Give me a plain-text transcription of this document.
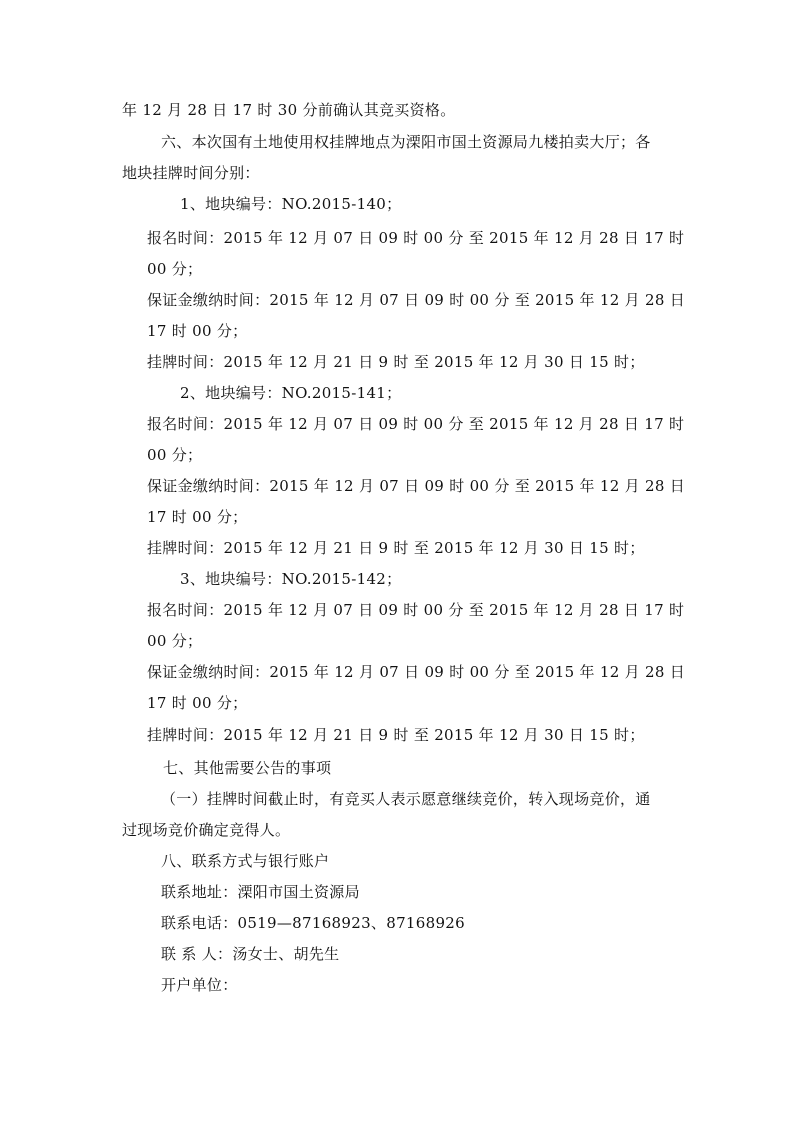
年 12 月 28 日 17 时 30 分前确认其竞买资格。
六、本次国有土地使用权挂牌地点为溧阳市国土资源局九楼拍卖大厅；各
地块挂牌时间分别：
1、地块编号：NO.2015-140；
报名时间：2015 年 12 月 07 日 09 时 00 分 至 2015 年 12 月 28 日 17 时
00 分；
保证金缴纳时间：2015 年 12 月 07 日 09 时 00 分 至 2015 年 12 月 28 日
17 时 00 分；
挂牌时间：2015 年 12 月 21 日 9 时 至 2015 年 12 月 30 日 15 时；
2、地块编号：NO.2015-141；
报名时间：2015 年 12 月 07 日 09 时 00 分 至 2015 年 12 月 28 日 17 时
00 分；
保证金缴纳时间：2015 年 12 月 07 日 09 时 00 分 至 2015 年 12 月 28 日
17 时 00 分；
挂牌时间：2015 年 12 月 21 日 9 时 至 2015 年 12 月 30 日 15 时；
3、地块编号：NO.2015-142；
报名时间：2015 年 12 月 07 日 09 时 00 分 至 2015 年 12 月 28 日 17 时
00 分；
保证金缴纳时间：2015 年 12 月 07 日 09 时 00 分 至 2015 年 12 月 28 日
17 时 00 分；
挂牌时间：2015 年 12 月 21 日 9 时 至 2015 年 12 月 30 日 15 时；
七、其他需要公告的事项
（一）挂牌时间截止时，有竞买人表示愿意继续竞价，转入现场竞价，通
过现场竞价确定竞得人。
八、联系方式与银行账户
联系地址：溧阳市国土资源局
联系电话：0519—87168923、87168926
联 系 人：汤女士、胡先生
开户单位：
